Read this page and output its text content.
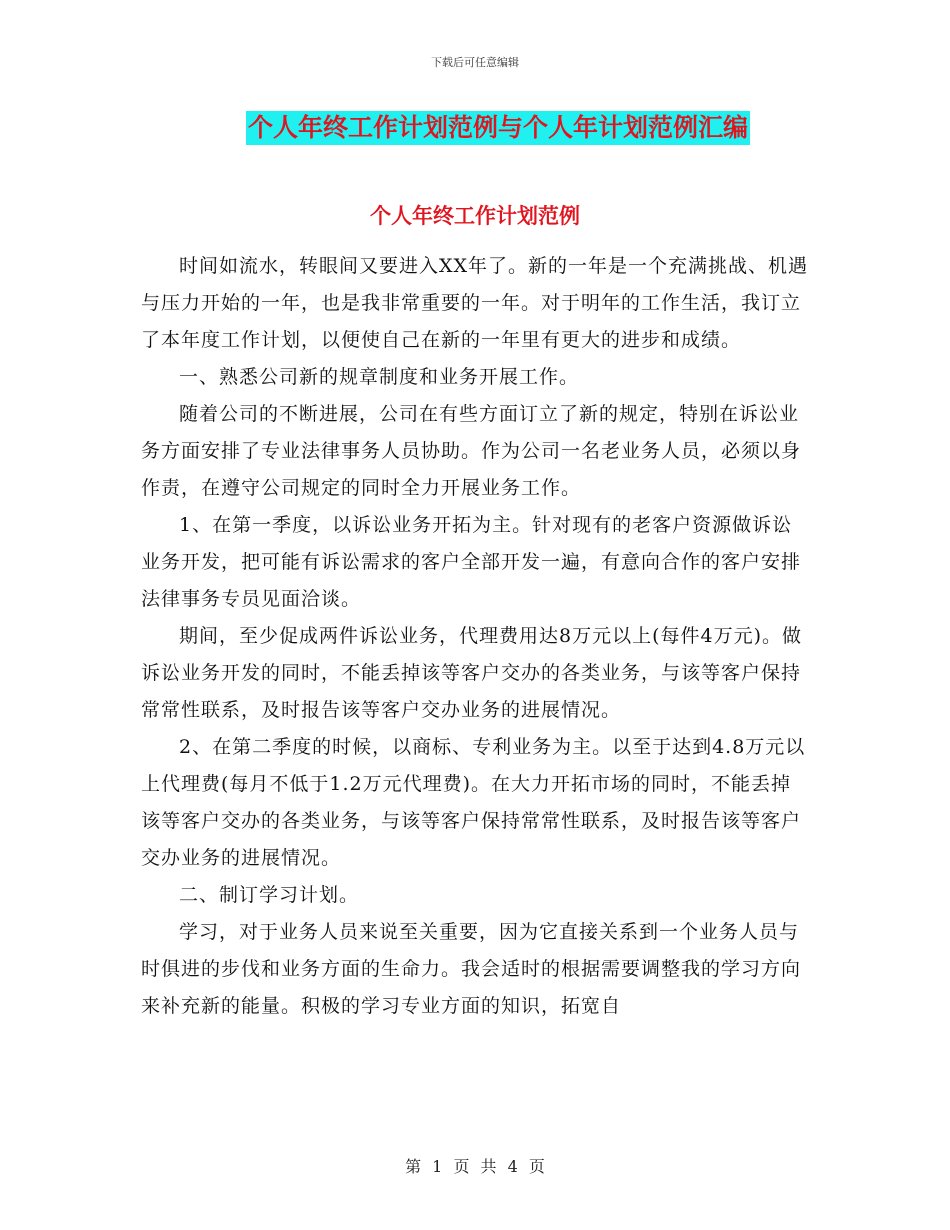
下载后可任意编辑
个人年终工作计划范例与个人年计划范例汇编
个人年终工作计划范例

时间如流水，转眼间又要进入XX年了。新的一年是一个充满挑战、机遇与压力开始的一年，也是我非常重要的一年。对于明年的工作生活，我订立了本年度工作计划，以便使自己在新的一年里有更大的进步和成绩。

一、熟悉公司新的规章制度和业务开展工作。

随着公司的不断进展，公司在有些方面订立了新的规定，特别在诉讼业务方面安排了专业法律事务人员协助。作为公司一名老业务人员，必须以身作责，在遵守公司规定的同时全力开展业务工作。

1、在第一季度，以诉讼业务开拓为主。针对现有的老客户资源做诉讼业务开发，把可能有诉讼需求的客户全部开发一遍，有意向合作的客户安排法律事务专员见面洽谈。

期间，至少促成两件诉讼业务，代理费用达8万元以上(每件4万元)。做诉讼业务开发的同时，不能丢掉该等客户交办的各类业务，与该等客户保持常常性联系，及时报告该等客户交办业务的进展情况。

2、在第二季度的时候，以商标、专利业务为主。以至于达到4.8万元以上代理费(每月不低于1.2万元代理费)。在大力开拓市场的同时，不能丢掉该等客户交办的各类业务，与该等客户保持常常性联系，及时报告该等客户交办业务的进展情况。

二、制订学习计划。

学习，对于业务人员来说至关重要，因为它直接关系到一个业务人员与时俱进的步伐和业务方面的生命力。我会适时的根据需要调整我的学习方向来补充新的能量。积极的学习专业方面的知识，拓宽自

第 1 页 共 4 页
